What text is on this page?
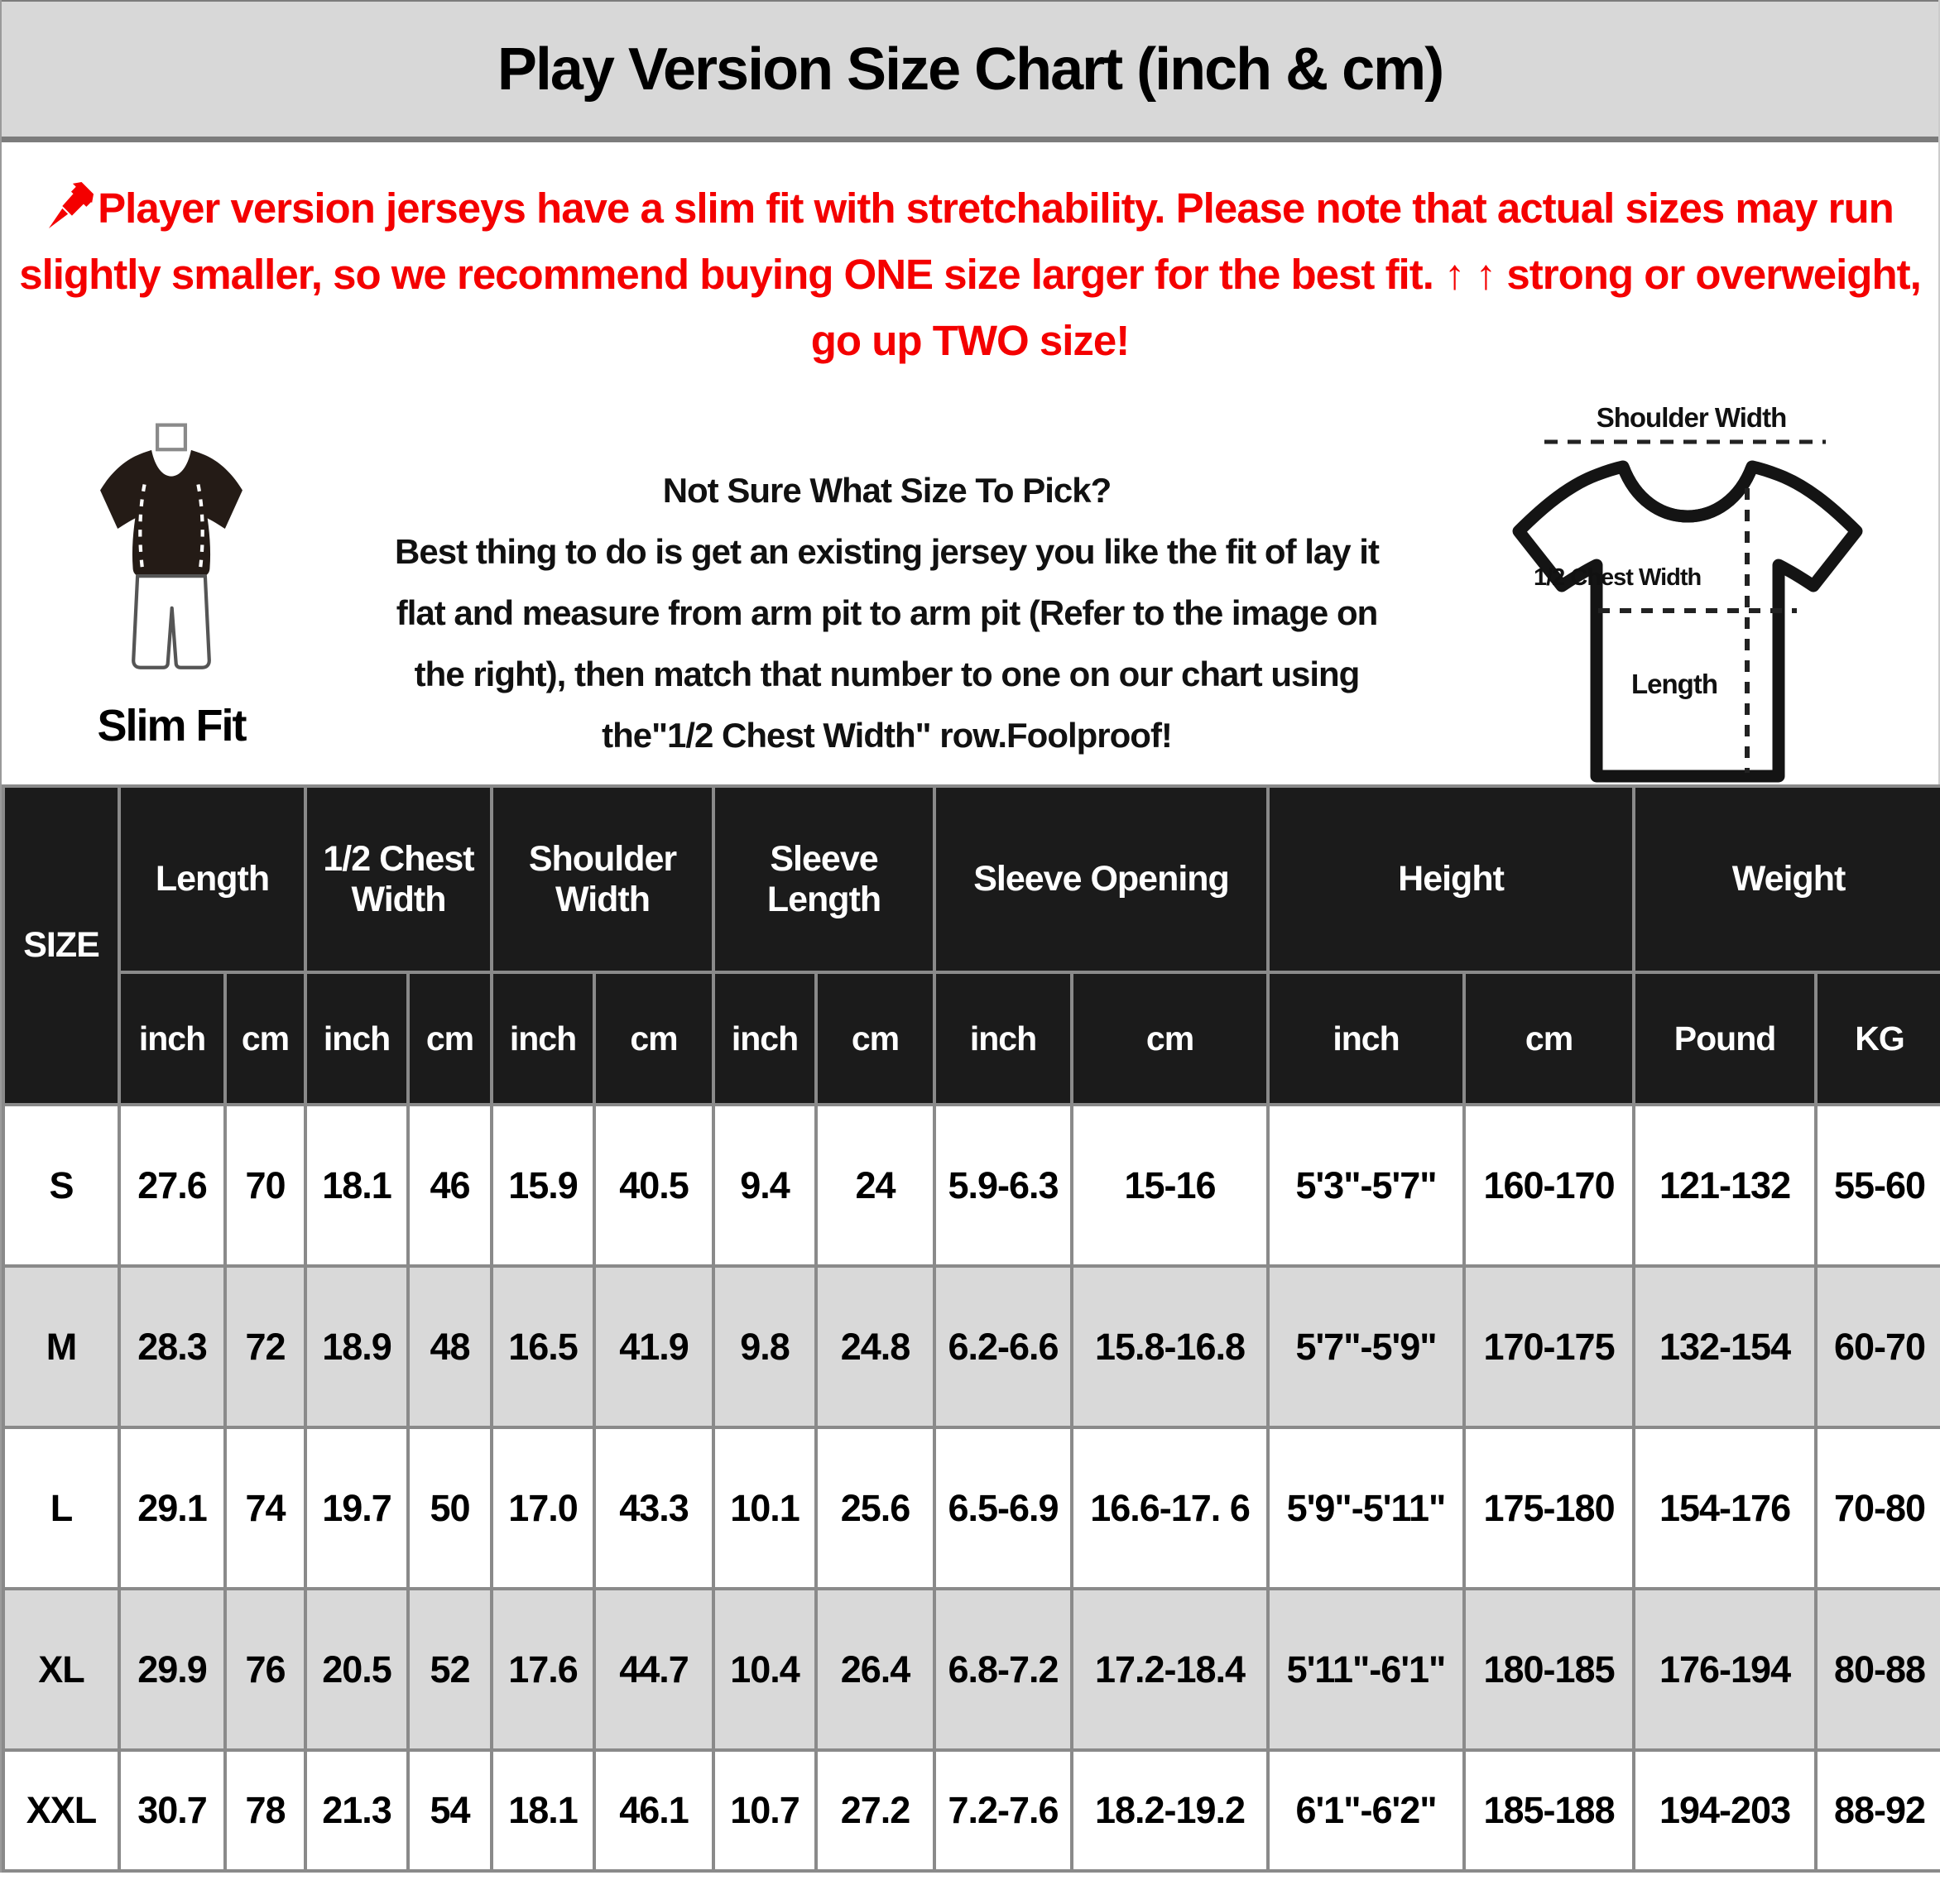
Play Version Size Chart (inch & cm)
Player version jerseys have a slim fit with stretchability. Please note that actual sizes may run
slightly smaller, so we recommend buying ONE size larger for the best fit. ↑ ↑ strong or overweight,
go up TWO size!
Slim Fit
Not Sure What Size To Pick?
Best thing to do is get an existing jersey you like the fit of lay it
flat and measure from arm pit to arm pit (Refer to the image on
the right), then match that number to one on our chart using
the"1/2 Chest Width" row.Foolproof!
Shoulder Width
1/2 Chest Width
Length
SIZE	Length		1/2 Chest Width		Shoulder Width		Sleeve Length		Sleeve Opening		Height		Weight	
	inch	cm	inch	cm	inch	cm	inch	cm	inch	cm	inch	cm	Pound	KG
S	27.6	70	18.1	46	15.9	40.5	9.4	24	5.9-6.3	15-16	5'3"-5'7"	160-170	121-132	55-60
M	28.3	72	18.9	48	16.5	41.9	9.8	24.8	6.2-6.6	15.8-16.8	5'7"-5'9"	170-175	132-154	60-70
L	29.1	74	19.7	50	17.0	43.3	10.1	25.6	6.5-6.9	16.6-17. 6	5'9"-5'11"	175-180	154-176	70-80
XL	29.9	76	20.5	52	17.6	44.7	10.4	26.4	6.8-7.2	17.2-18.4	5'11"-6'1"	180-185	176-194	80-88
XXL	30.7	78	21.3	54	18.1	46.1	10.7	27.2	7.2-7.6	18.2-19.2	6'1"-6'2"	185-188	194-203	88-92
